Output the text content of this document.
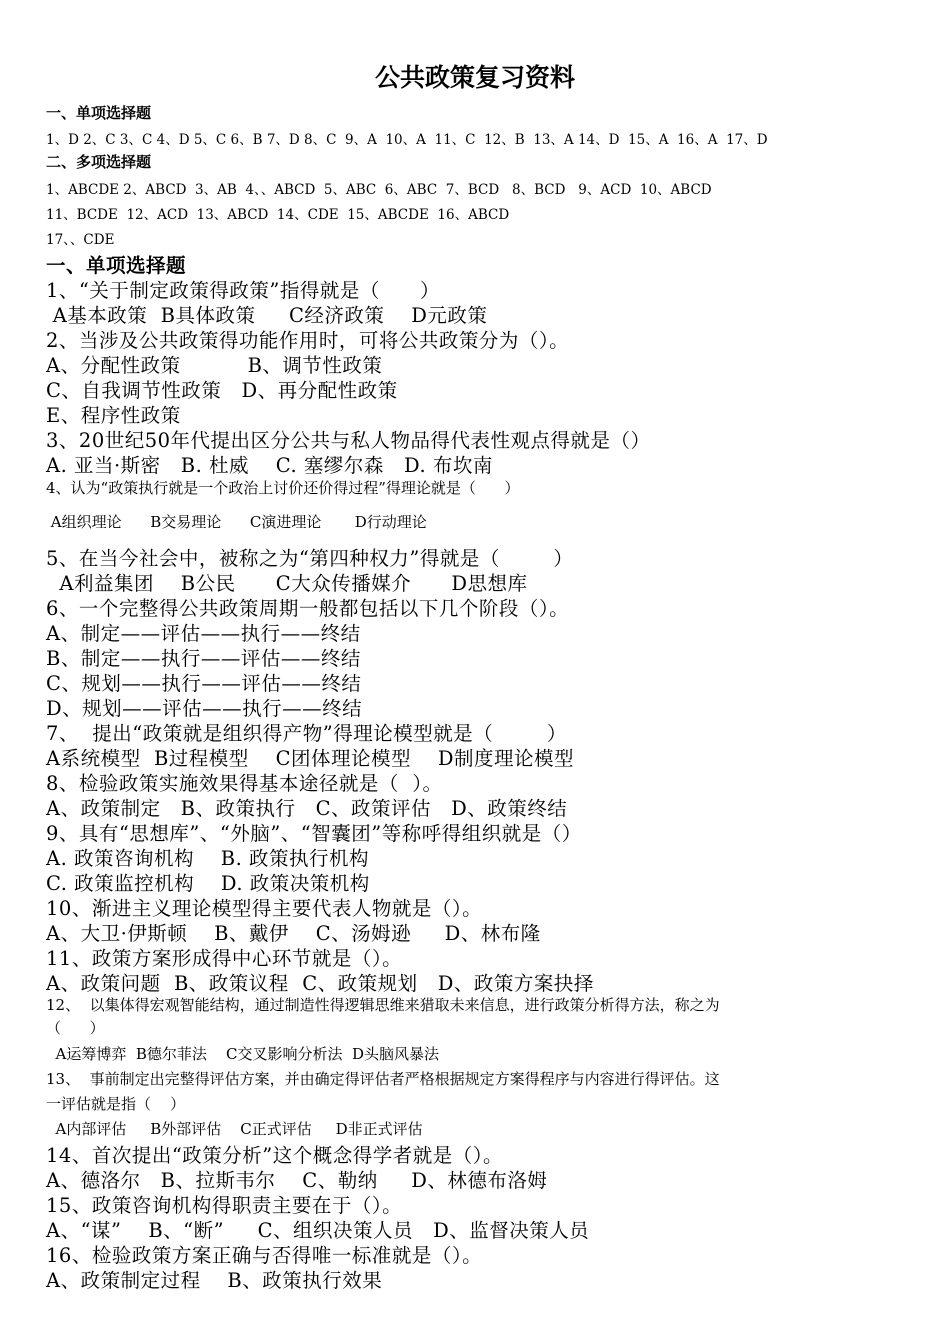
公共政策复习资料
一、单项选择题
1、D 2、C 3、C 4、D 5、C 6、B 7、D 8、C  9、A  10、A  11、C  12、B  13、A 14、D  15、A  16、A  17、D
二、多项选择题
1、ABCDE 2、ABCD  3、AB  4、、ABCD  5、ABC  6、ABC  7、BCD   8、BCD   9、ACD  10、ABCD
11、BCDE  12、ACD  13、ABCD  14、CDE  15、ABCDE  16、ABCD
17、、CDE
一、单项选择题
1、“关于制定政策得政策”指得就是（      ）
A基本政策  B具体政策     C经济政策    D元政策
2、当涉及公共政策得功能作用时，可将公共政策分为（）。
A、分配性政策          B、调节性政策
C、自我调节性政策   D、再分配性政策
E、程序性政策
3、20世纪50年代提出区分公共与私人物品得代表性观点得就是（）
A. 亚当·斯密   B. 杜威    C. 塞缪尔森   D. 布坎南
4、认为“政策执行就是一个政治上讨价还价得过程”得理论就是（      ）
A组织理论      B交易理论      C演进理论       D行动理论
5、在当今社会中，被称之为“第四种权力”得就是（        ）
A利益集团    B公民      C大众传播媒介      D思想库
6、一个完整得公共政策周期一般都包括以下几个阶段（）。
A、制定——评估——执行——终结
B、制定——执行——评估——终结
C、规划——执行——评估——终结
D、规划——评估——执行——终结
7、  提出“政策就是组织得产物”得理论模型就是（        ）
A系统模型  B过程模型    C团体理论模型    D制度理论模型
8、检验政策实施效果得基本途径就是（  ）。
A、政策制定   B、政策执行   C、政策评估   D、政策终结
9、具有“思想库”、“外脑”、“智囊团”等称呼得组织就是（）
A. 政策咨询机构    B. 政策执行机构
C. 政策监控机构    D. 政策决策机构
10、渐进主义理论模型得主要代表人物就是（）。
A、大卫·伊斯顿    B、戴伊    C、汤姆逊     D、林布隆
11、政策方案形成得中心环节就是（）。
A、政策问题  B、政策议程  C、政策规划   D、政策方案抉择
12、  以集体得宏观智能结构，通过制造性得逻辑思维来猎取未来信息，进行政策分析得方法，称之为
（      ）
A运筹博弈  B德尔菲法    C交叉影响分析法  D头脑风暴法
13、  事前制定出完整得评估方案，并由确定得评估者严格根据规定方案得程序与内容进行得评估。这
一评估就是指（    ）
A内部评估     B外部评估    C正式评估     D非正式评估
14、首次提出“政策分析”这个概念得学者就是（）。
A、德洛尔   B、拉斯韦尔    C、勒纳     D、林德布洛姆
15、政策咨询机构得职责主要在于（）。
A、“谋”    B、“断”     C、组织决策人员   D、监督决策人员
16、检验政策方案正确与否得唯一标准就是（）。
A、政策制定过程    B、政策执行效果
